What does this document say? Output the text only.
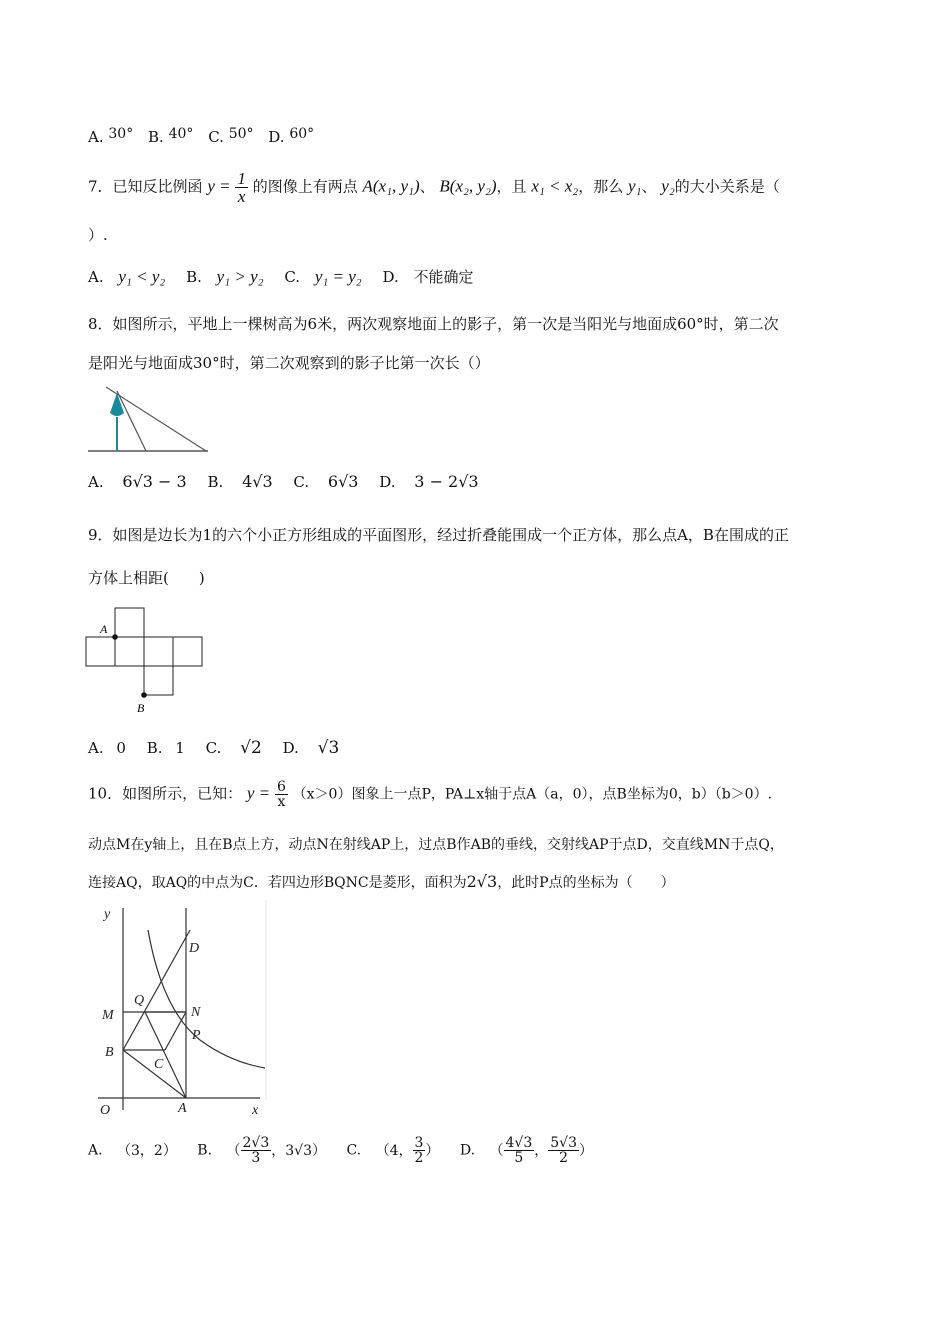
A. 30° B. 40° C. 50° D. 60°
7．已知反比例函 $y = \frac{1}{x}$ 的图像上有两点 A(x₁, y₁)、 B(x₂, y₂)，且 x₁ < x₂，那么 y₁、 y₂的大小关系是（
）.
A. y₁ < y₂ B. y₁ > y₂ C. y₁ = y₂ D. 不能确定
8．如图所示，平地上一棵树高为6米，两次观察地面上的影子，第一次是当阳光与地面成60°时，第二次
是阳光与地面成30°时，第二次观察到的影子比第一次长（）
A. 6√3 − 3 B. 4√3 C. 6√3 D. 3 − 2√3
9．如图是边长为1的六个小正方形组成的平面图形，经过折叠能围成一个正方体，那么点A，B在围成的正
方体上相距(　　)
A
B
A. 0 B. 1 C. √2 D. √3
10．如图所示，已知： $y = \frac{6}{x} (x>0)$图象上一点P，PA⊥x轴于点A（a，0），点B坐标为0，b）（b＞0）.
动点M在y轴上，且在B点上方，动点N在射线AP上，过点B作AB的垂线，交射线AP于点D，交直线MN于点Q，
连接AQ，取AQ的中点为C．若四边形BQNC是菱形，面积为2√3，此时P点的坐标为（　　）
y
x
O	A
B
M	N
Q
P
D
C
A. （3，2） B. （ $\frac{2√3}{3}$ ，3√3） C. （4， $\frac{3}{2}$ ） D. （ $\frac{4√3}{5}$ ， $\frac{5√3}{2}$ ）
